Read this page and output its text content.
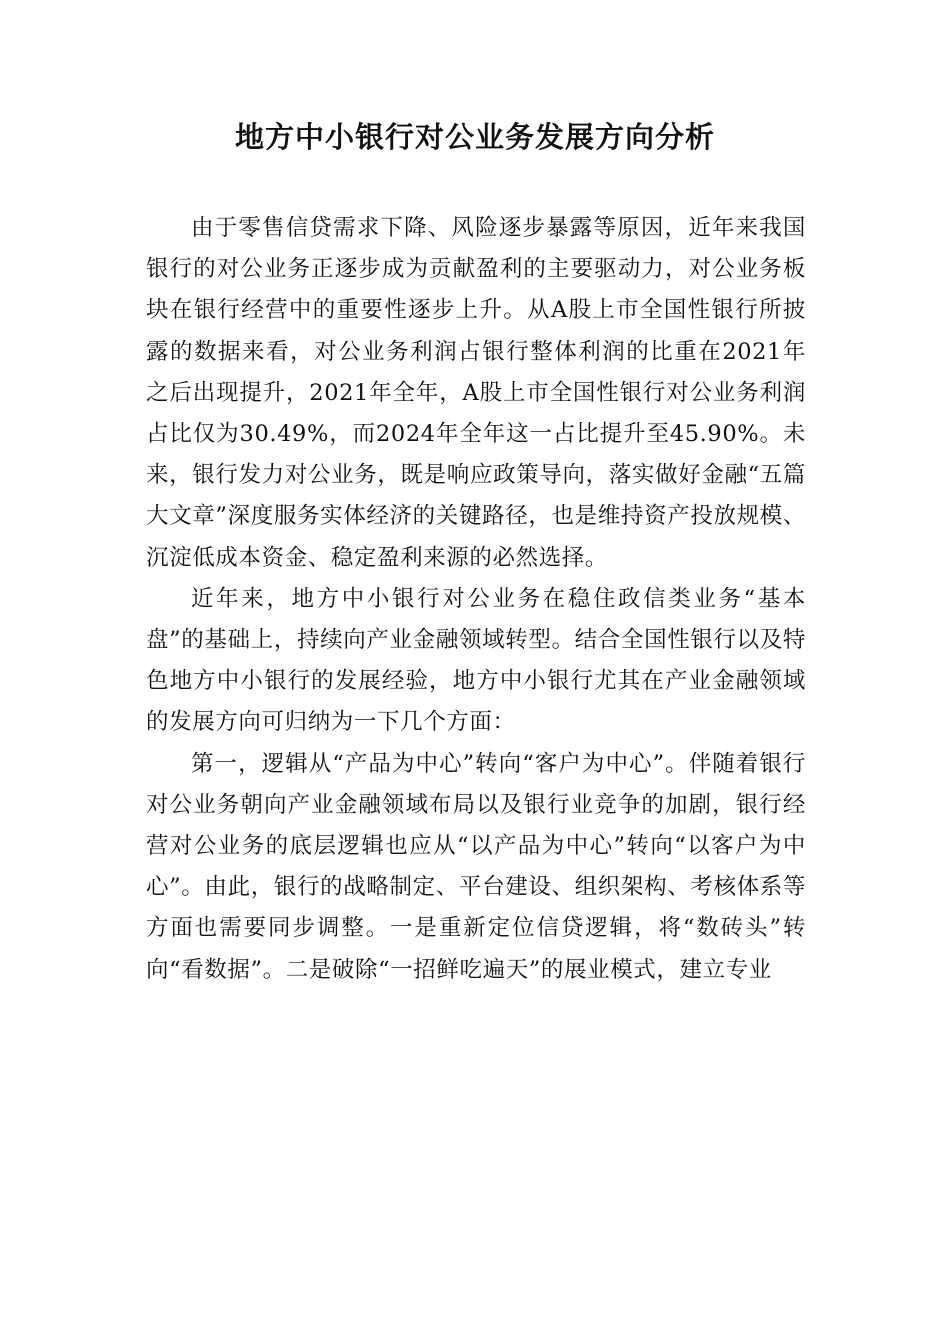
地方中小银行对公业务发展方向分析

由于零售信贷需求下降、风险逐步暴露等原因，近年来我国银行的对公业务正逐步成为贡献盈利的主要驱动力，对公业务板块在银行经营中的重要性逐步上升。从A股上市全国性银行所披露的数据来看，对公业务利润占银行整体利润的比重在2021年之后出现提升，2021年全年，A股上市全国性银行对公业务利润占比仅为30.49%，而2024年全年这一占比提升至45.90%。未来，银行发力对公业务，既是响应政策导向，落实做好金融“五篇大文章”深度服务实体经济的关键路径，也是维持资产投放规模、沉淀低成本资金、稳定盈利来源的必然选择。

近年来，地方中小银行对公业务在稳住政信类业务“基本盘”的基础上，持续向产业金融领域转型。结合全国性银行以及特色地方中小银行的发展经验，地方中小银行尤其在产业金融领域的发展方向可归纳为一下几个方面：

第一，逻辑从“产品为中心”转向“客户为中心”。伴随着银行对公业务朝向产业金融领域布局以及银行业竞争的加剧，银行经营对公业务的底层逻辑也应从“以产品为中心”转向“以客户为中心”。由此，银行的战略制定、平台建设、组织架构、考核体系等方面也需要同步调整。一是重新定位信贷逻辑，将“数砖头”转向“看数据”。二是破除“一招鲜吃遍天”的展业模式，建立专业
